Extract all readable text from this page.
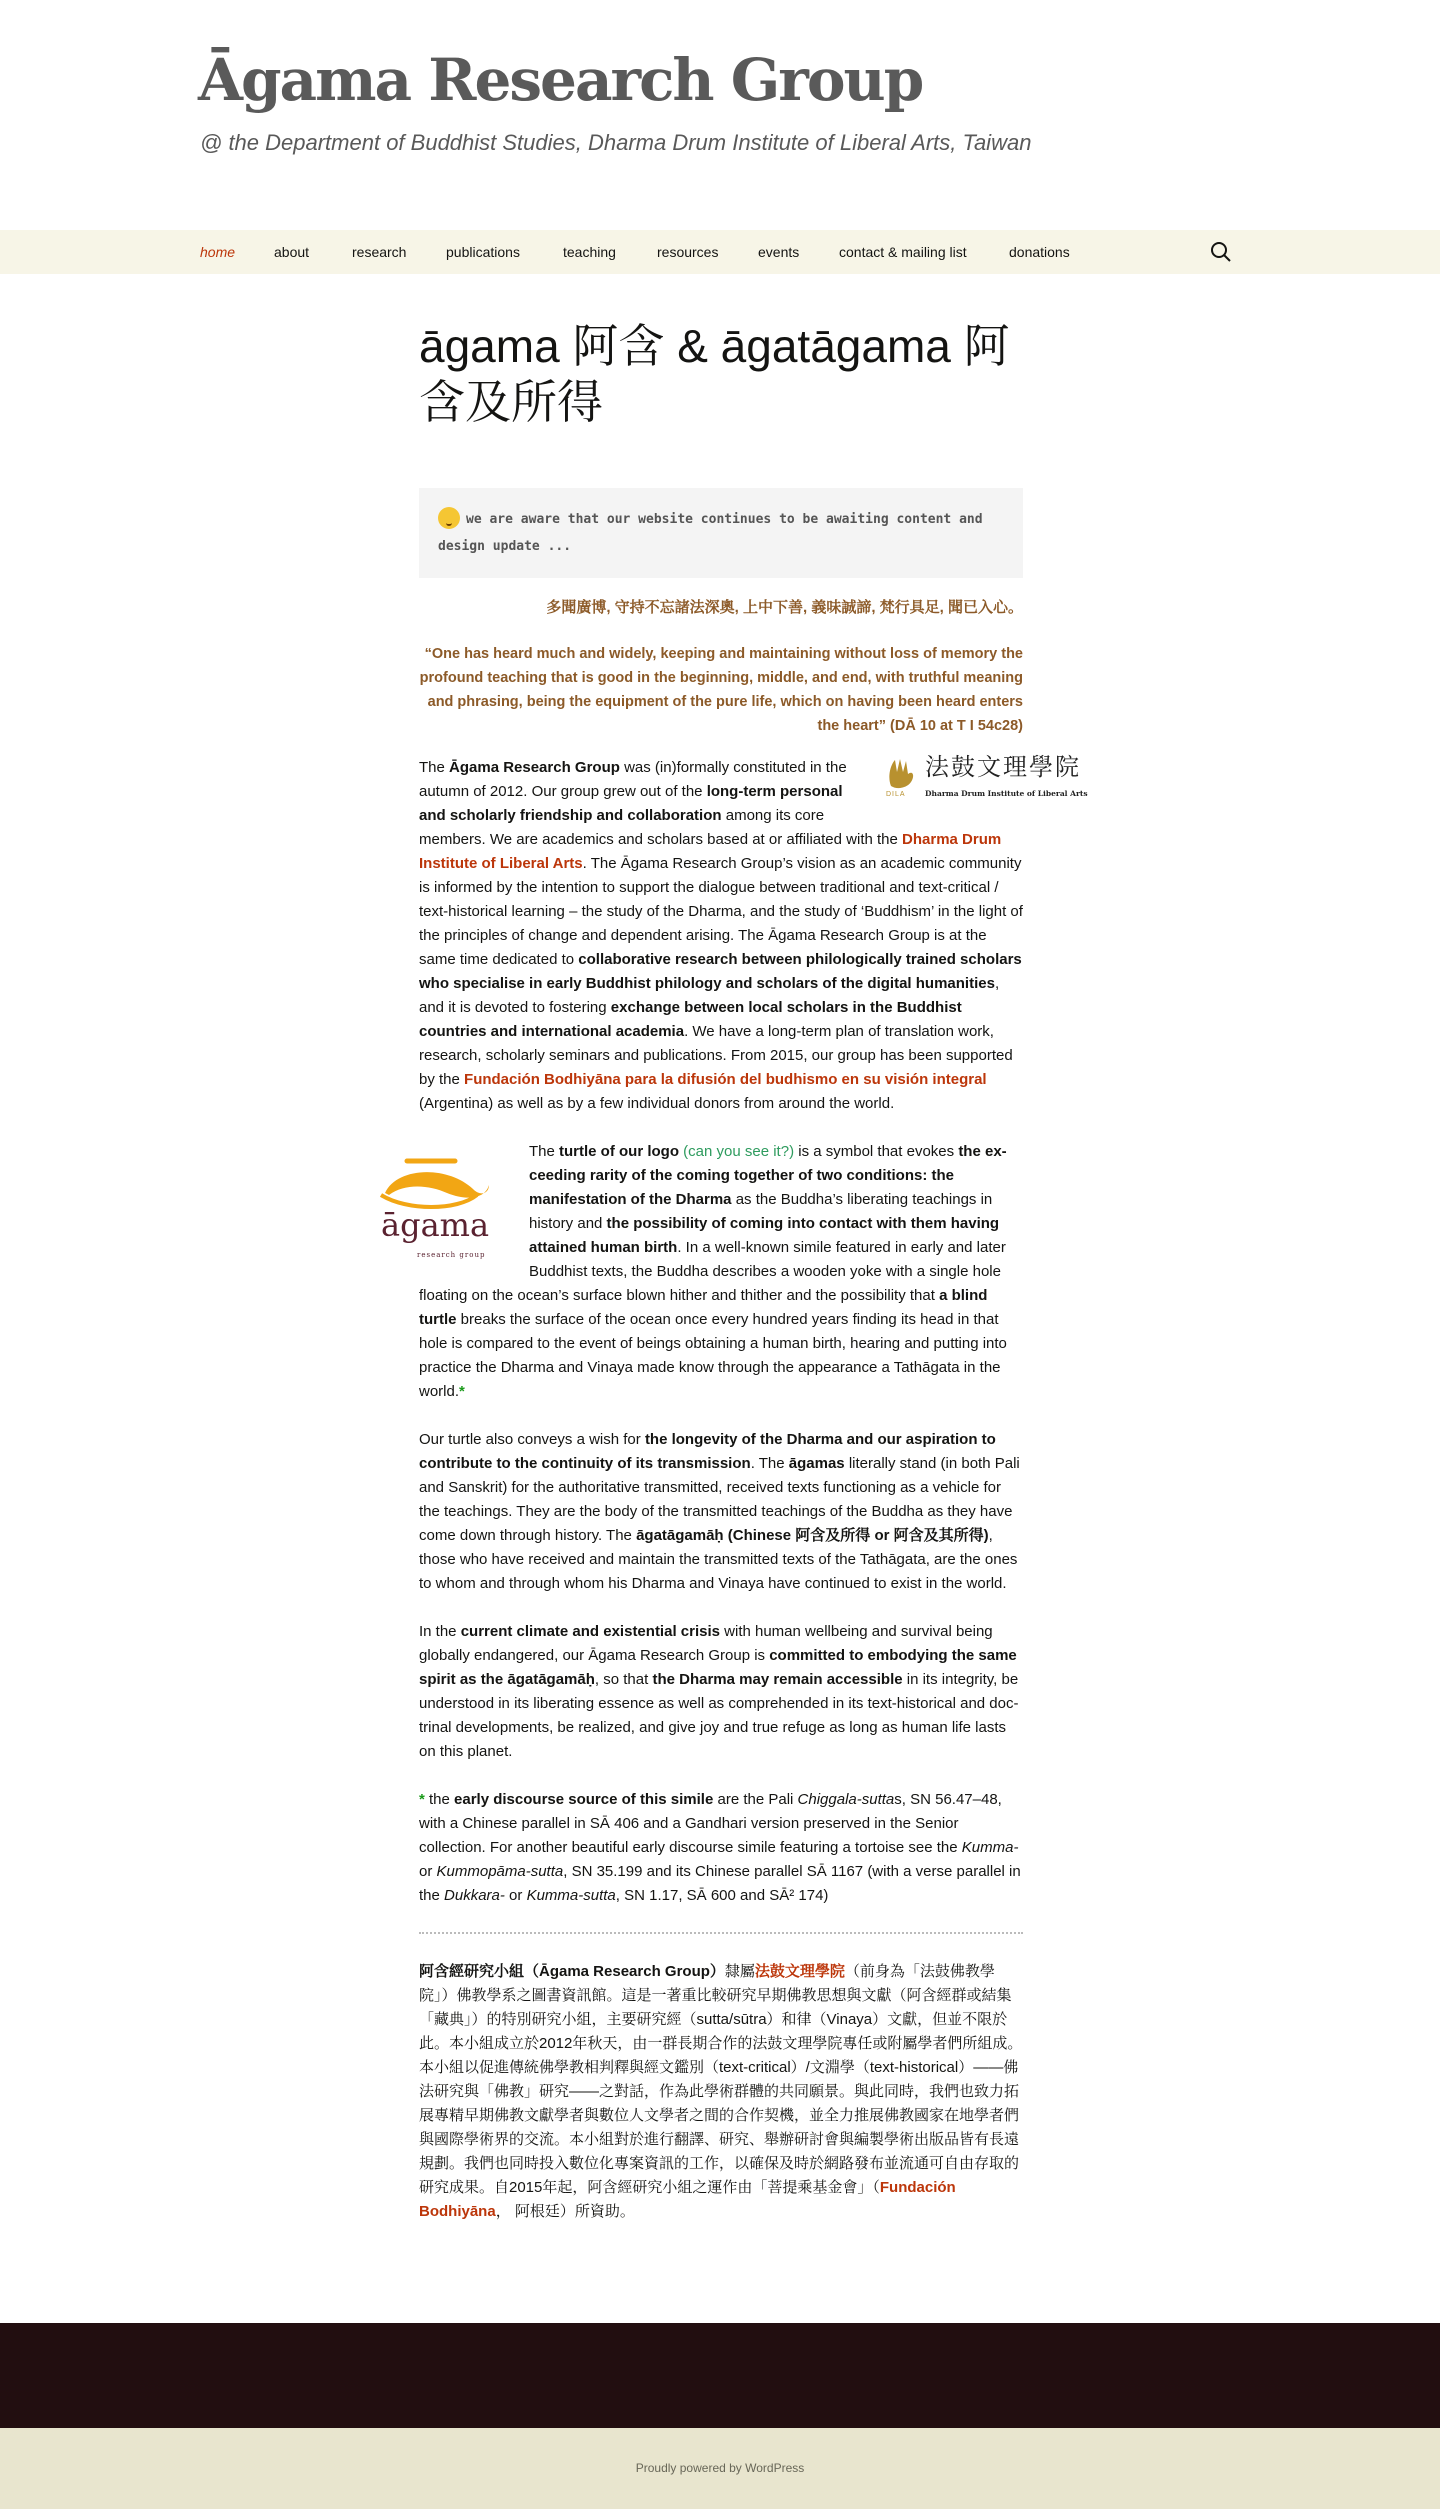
Āgama Research Group
@ the Department of Buddhist Studies, Dharma Drum Institute of Liberal Arts, Taiwan
home	about	research	publications	teaching	resources	events	contact & mailing list	donations
āgama 阿含 & āgatāgama 阿含及所得
we are aware that our website continues to be awaiting content and design update ...
多聞廣博, 守持不忘諸法深奧, 上中下善, 義味誠諦, 梵行具足, 聞已入心。
“One has heard much and widely, keeping and maintaining without loss of memory the profound teaching that is good in the beginning, middle, and end, with truthful meaning and phrasing, being the equipment of the pure life, which on having been heard enters the heart” (DĀ 10 at T I 54c28)

法鼓文理學院
DILA	Dharma Drum Institute of Liberal Arts
The Āgama Research Group was (in)formally constituted in the autumn of 2012. Our group grew out of the long-term personal and scholarly friendship and collaboration among its core members. We are academics and scholars based at or affiliated with the Dharma Drum Institute of Liberal Arts. The Āgama Research Group’s vision as an academic community is informed by the intention to support the dialogue between traditional and text-critical / text-historical learning – the study of the Dharma, and the study of ‘Buddhism’ in the light of the principles of change and dependent arising. The Āgama Research Group is at the same time dedicated to collaborative research between philologically trained scholars who specialise in early Buddhist philology and scholars of the digital humanities, and it is devoted to fostering exchange between local scholars in the Buddhist countries and international academia. We have a long-term plan of translation work, research, scholarly seminars and publications. From 2015, our group has been supported by the Fundación Bodhiyāna para la difusión del budhismo en su visión integral (Argentina) as well as by a few individual donors from around the world.

āgama
research group
The turtle of our logo (can you see it?) is a symbol that evokes the exceeding rarity of the coming together of two conditions: the manifestation of the Dharma as the Buddha’s liberating teachings in history and the possibility of coming into contact with them having attained human birth. In a well-known simile featured in early and later Buddhist texts, the Buddha describes a wooden yoke with a single hole floating on the ocean’s surface blown hither and thither and the possibility that a blind turtle breaks the surface of the ocean once every hundred years finding its head in that hole is compared to the event of beings obtaining a human birth, hearing and putting into practice the Dharma and Vinaya made know through the appearance a Tathāgata in the world.*

Our turtle also conveys a wish for the longevity of the Dharma and our aspiration to contribute to the continuity of its transmission. The āgamas literally stand (in both Pali and Sanskrit) for the authoritative transmitted, received texts functioning as a vehicle for the teachings. They are the body of the transmitted teachings of the Buddha as they have come down through history. The āgatāgamāḥ (Chinese 阿含及所得 or 阿含及其所得), those who have received and maintain the transmitted texts of the Tathāgata, are the ones to whom and through whom his Dharma and Vinaya have continued to exist in the world.

In the current climate and existential crisis with human wellbeing and survival being globally endangered, our Āgama Research Group is committed to embodying the same spirit as the āgatāgamāḥ, so that the Dharma may remain accessible in its integrity, be understood in its liberating essence as well as comprehended in its text-historical and doctrinal developments, be realized, and give joy and true refuge as long as human life lasts on this planet.

* the early discourse source of this simile are the Pali Chiggala-suttas, SN 56.47–48, with a Chinese parallel in SĀ 406 and a Gandhari version preserved in the Senior collection. For another beautiful early discourse simile featuring a tortoise see the Kumma- or Kummopāma-sutta, SN 35.199 and its Chinese parallel SĀ 1167 (with a verse parallel in the Dukkara- or Kumma-sutta, SN 1.17, SĀ 600 and SĀ² 174)

阿含經研究小組（Āgama Research Group）隸屬法鼓文理學院（前身為「法鼓佛教學院」）佛教學系之圖書資訊館。這是一著重比較研究早期佛教思想與文獻（阿含經群或結集「藏典」）的特別研究小組，主要研究經（sutta/sūtra）和律（Vinaya）文獻，但並不限於此。本小組成立於2012年秋天，由一群長期合作的法鼓文理學院專任或附屬學者們所組成。本小組以促進傳統佛學教相判釋與經文鑑別（text-critical）/文淵學（text-historical）——佛法研究與「佛教」研究——之對話，作為此學術群體的共同願景。與此同時，我們也致力拓展專精早期佛教文獻學者與數位人文學者之間的合作契機，並全力推展佛教國家在地學者們與國際學術界的交流。本小組對於進行翻譯、研究、舉辦研討會與編製學術出版品皆有長遠規劃。我們也同時投入數位化專案資訊的工作，以確保及時於網路發布並流通可自由存取的研究成果。自2015年起，阿含經研究小組之運作由「菩提乘基金會」（Fundación Bodhiyāna， 阿根廷）所資助。

Proudly powered by WordPress
